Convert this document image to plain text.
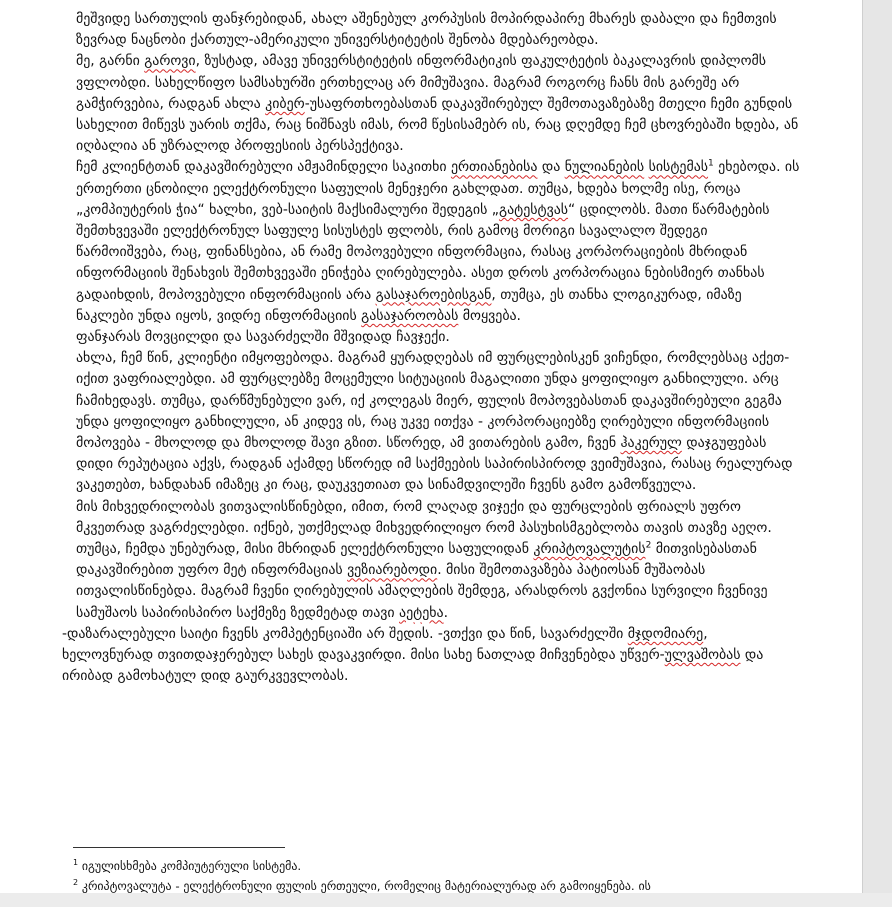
მეშვიდე სართულის ფანჯრებიდან, ახალ აშენებულ კორპუსის მოპირდაპირე მხარეს დაბალი და ჩემთვის ზევრად ნაცნობი ქართულ-ამერიკული უნივერსტიტეტის შენობა მდებარეობდა.

მე, გარნი გაროვი, ზუსტად, ამავე უნივერსტიტეტის ინფორმატიკის ფაკულტეტის ბაკალავრის დიპლომს ვფლობდი. სახელწიფო სამსახურში ერთხელაც არ მიმუშავია. მაგრამ როგორც ჩანს მის გარეშე არ გამჭირვებია, რადგან ახლა კიბერ-უსაფრთხოებასთან დაკავშირებულ შემოთავაზებაზე მთელი ჩემი გუნდის სახელით მიწევს უარის თქმა, რაც ნიშნავს იმას, რომ წესისამებრ ის, რაც დღემდე ჩემ ცხოვრებაში ხდება, ან იღბალია ან უზრალოდ პროფესიის პერსპექტივა.

ჩემ კლიენტთან დაკავშირებული ამჟამინდელი საკითხი ერთიანებისა და ნულიანების სისტემას$^1$ ეხებოდა. ის ერთერთი ცნობილი ელექტრონული საფულის მენეჯერი გახლდათ. თუმცა, ხდება ხოლმე ისე, როცა „კომპიუტერის ჭია“ ხალხი, ვებ-საიტის მაქსიმალური შედეგის „გატესტვას“ ცდილობს. მათი წარმატების შემთხვევაში ელექტრონულ საფულე სისუსტეს ფლობს, რის გამოც მორიგი სავალალო შედეგი წარმოიშვება, რაც, ფინანსებია, ან რამე მოპოვებული ინფორმაცია, რასაც კორპორაციების მხრიდან ინფორმაციის შენახვის შემთხვევაში ენიჭება ღირებულება. ასეთ დროს კორპორაცია ნებისმიერ თანხას გადაიხდის, მოპოვებული ინფორმაციის არა გასაჯაროებისგან, თუმცა, ეს თანხა ლოგიკურად, იმაზე ნაკლები უნდა იყოს, ვიდრე ინფორმაციის გასაჯაროობას მოყვება.

ფანჯარას მოვცილდი და სავარძელში მშვიდად ჩავჯექი.

ახლა, ჩემ წინ, კლიენტი იმყოფებოდა. მაგრამ ყურადღებას იმ ფურცლებისკენ ვიჩენდი, რომლებსაც აქეთ-იქით ვაფრიალებდი. ამ ფურცლებზე მოცემული სიტუაციის მაგალითი უნდა ყოფილიყო განხილული. არც ჩამიხედავს. თუმცა, დარწმუნებული ვარ, იქ კოლეგას მიერ, ფულის მოპოვებასთან დაკავშირებული გეგმა უნდა ყოფილიყო განხილული, ან კიდევ ის, რაც უკვე ითქვა - კორპორაციებზე ღირებული ინფორმაციის მოპოვება - მხოლოდ და მხოლოდ შავი გზით. სწორედ, ამ ვითარების გამო, ჩვენ ჰაკერულ დაჯგუფებას დიდი რეპუტაცია აქვს, რადგან აქამდე სწორედ იმ საქმეების საპირისპიროდ ვეიმუშავია, რასაც რეალურად ვაკეთებთ, ხანდახან იმაზეც კი რაც, დაუკვეთიათ და სინამდვილეში ჩვენს გამო გამოწვეულა.

მის მიხვედრილობას ვითვალისწინებდი, იმით, რომ ლაღად ვიჯექი და ფურცლების ფრიალს უფრო მკვეთრად ვაგრძელებდი. იქნებ, უთქმელად მიხვედრილიყო რომ პასუხისმგებლობა თავის თავზე აეღო. თუმცა, ჩემდა უნებურად, მისი მხრიდან ელექტრონული საფულიდან კრიპტოვალუტის$^2$ მითვისებასთან დაკავშირებით უფრო მეტ ინფორმაციას ვეზიარებოდი. მისი შემოთავაზება პატიოსან მუშაობას ითვალისწინებდა. მაგრამ ჩვენი ღირებულის ამაღლების შემდეგ, არასდროს გვქონია სურვილი ჩვენივე სამუშაოს საპირისპირო საქმეზე ზედმეტად თავი აეტეხა.

-დაზარალებული საიტი ჩვენს კომპეტენციაში არ შედის. -ვთქვი და წინ, სავარძელში მჯდომიარე, ხელოვნურად თვითდაჯერებულ სახეს დავაკვირდი. მისი სახე ნათლად მიჩვენებდა უწვერ-ულვაშობას და ირიბად გამოხატულ დიდ გაურკვევლობას.

$^1$ იგულისხმება კომპიუტერული სისტემა.
$^2$ კრიპტოვალუტა - ელექტრონული ფულის ერთეული, რომელიც მატერიალურად არ გამოიყენება. ის
